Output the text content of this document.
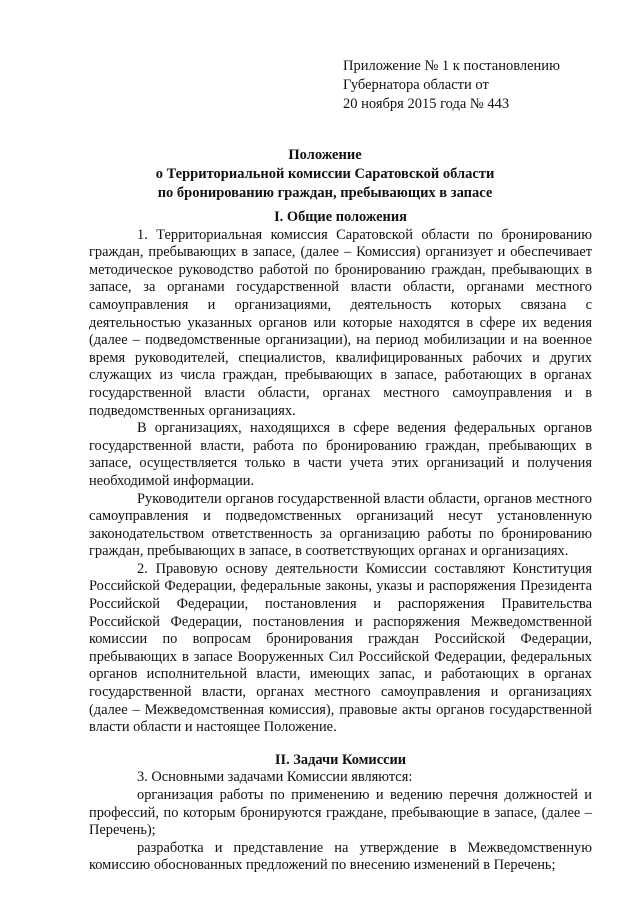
Приложение № 1 к постановлению
Губернатора области от
20 ноября 2015 года № 443
Положение
о Территориальной комиссии Саратовской области
по бронированию граждан, пребывающих в запасе
I. Общие положения

1. Территориальная комиссия Саратовской области по бронированию граждан, пребывающих в запасе, (далее – Комиссия) организует и обеспечивает методическое руководство работой по бронированию граждан, пребывающих в запасе, за органами государственной власти области, органами местного самоуправления и организациями, деятельность которых связана с деятельностью указанных органов или которые находятся в сфере их ведения (далее – подведомственные организации), на период мобилизации и на военное время руководителей, специалистов, квалифицированных рабочих и других служащих из числа граждан, пребывающих в запасе, работающих в органах государственной власти области, органах местного самоуправления и в подведомственных организациях.

В организациях, находящихся в сфере ведения федеральных органов государственной власти, работа по бронированию граждан, пребывающих в запасе, осуществляется только в части учета этих организаций и получения необходимой информации.

Руководители органов государственной власти области, органов местного самоуправления и подведомственных организаций несут установленную законодательством ответственность за организацию работы по бронированию граждан, пребывающих в запасе, в соответствующих органах и организациях.

2. Правовую основу деятельности Комиссии составляют Конституция Российской Федерации, федеральные законы, указы и распоряжения Президента Российской Федерации, постановления и распоряжения Правительства Российской Федерации, постановления и распоряжения Межведомственной комиссии по вопросам бронирования граждан Российской Федерации, пребывающих в запасе Вооруженных Сил Российской Федерации, федеральных органов исполнительной власти, имеющих запас, и работающих в органах государственной власти, органах местного самоуправления и организациях (далее – Межведомственная комиссия), правовые акты органов государственной власти области и настоящее Положение.

II. Задачи Комиссии

3. Основными задачами Комиссии являются:

организация работы по применению и ведению перечня должностей и профессий, по которым бронируются граждане, пребывающие в запасе, (далее – Перечень);

разработка и представление на утверждение в Межведомственную комиссию обоснованных предложений по внесению изменений в Перечень;
